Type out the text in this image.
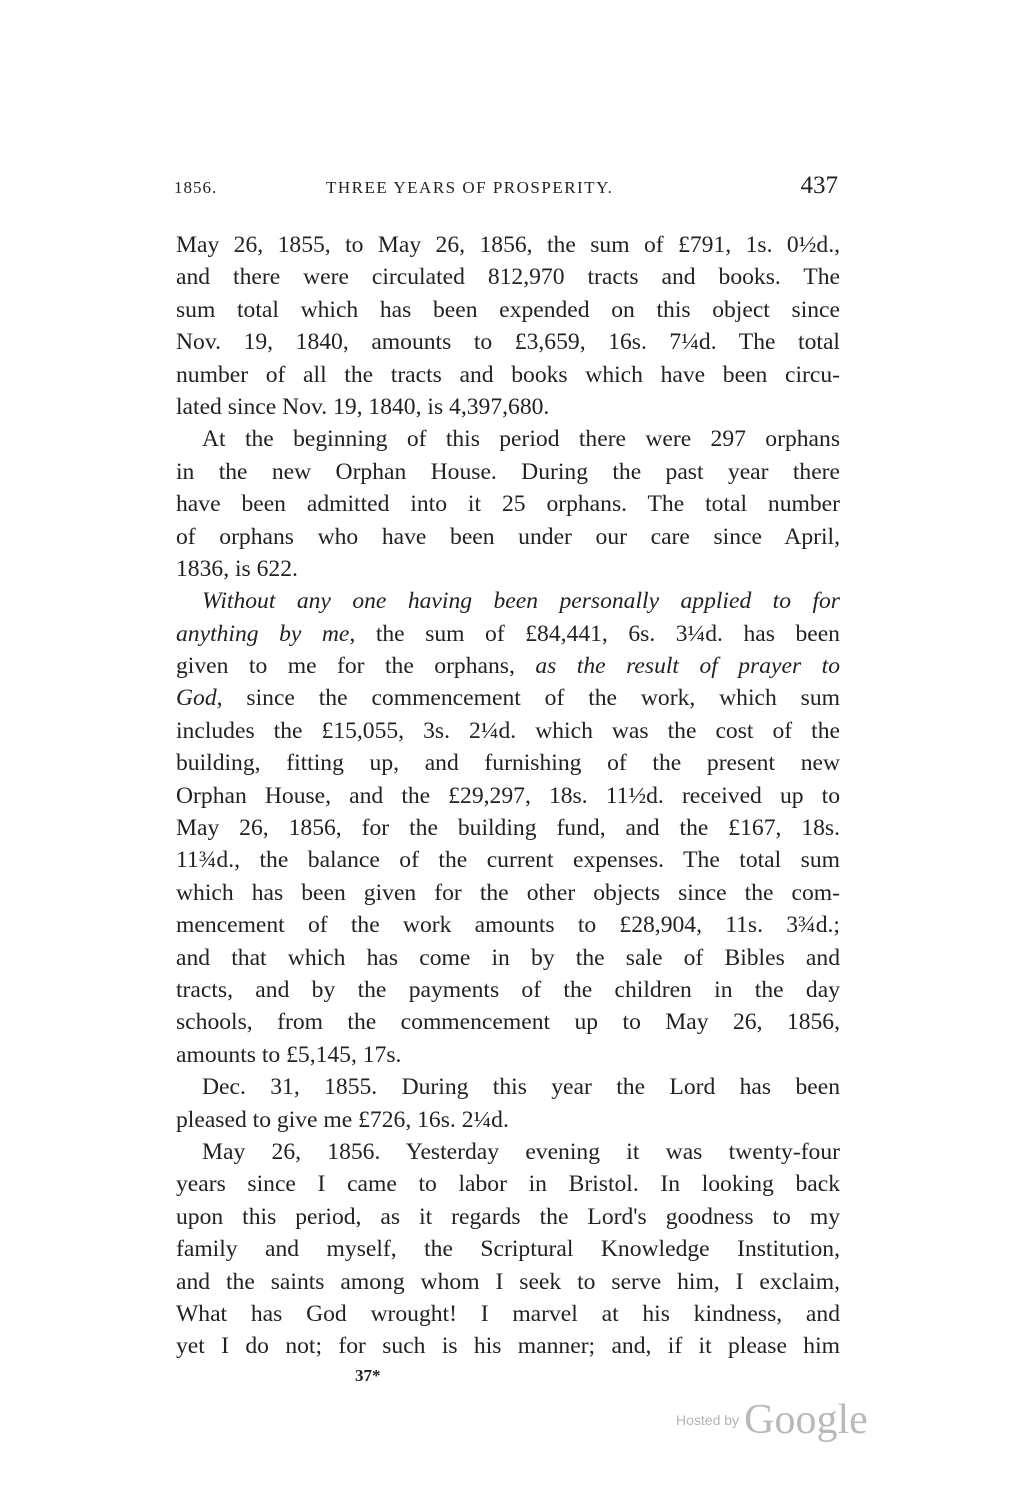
1856.	THREE YEARS OF PROSPERITY.	437
May 26, 1855, to May 26, 1856, the sum of £791, 1s. 0½d.,
and there were circulated 812,970 tracts and books. The
sum total which has been expended on this object since
Nov. 19, 1840, amounts to £3,659, 16s. 7¼d. The total
number of all the tracts and books which have been circu-
lated since Nov. 19, 1840, is 4,397,680.
At the beginning of this period there were 297 orphans
in the new Orphan House. During the past year there
have been admitted into it 25 orphans. The total number
of orphans who have been under our care since April,
1836, is 622.
Without any one having been personally applied to for
anything by me, the sum of £84,441, 6s. 3¼d. has been
given to me for the orphans, as the result of prayer to
God, since the commencement of the work, which sum
includes the £15,055, 3s. 2¼d. which was the cost of the
building, fitting up, and furnishing of the present new
Orphan House, and the £29,297, 18s. 11½d. received up to
May 26, 1856, for the building fund, and the £167, 18s.
11¾d., the balance of the current expenses. The total sum
which has been given for the other objects since the com-
mencement of the work amounts to £28,904, 11s. 3¾d.;
and that which has come in by the sale of Bibles and
tracts, and by the payments of the children in the day
schools, from the commencement up to May 26, 1856,
amounts to £5,145, 17s.
Dec. 31, 1855. During this year the Lord has been
pleased to give me £726, 16s. 2¼d.
May 26, 1856. Yesterday evening it was twenty-four
years since I came to labor in Bristol. In looking back
upon this period, as it regards the Lord's goodness to my
family and myself, the Scriptural Knowledge Institution,
and the saints among whom I seek to serve him, I exclaim,
What has God wrought! I marvel at his kindness, and
yet I do not; for such is his manner; and, if it please him
37*
Hosted by Google
